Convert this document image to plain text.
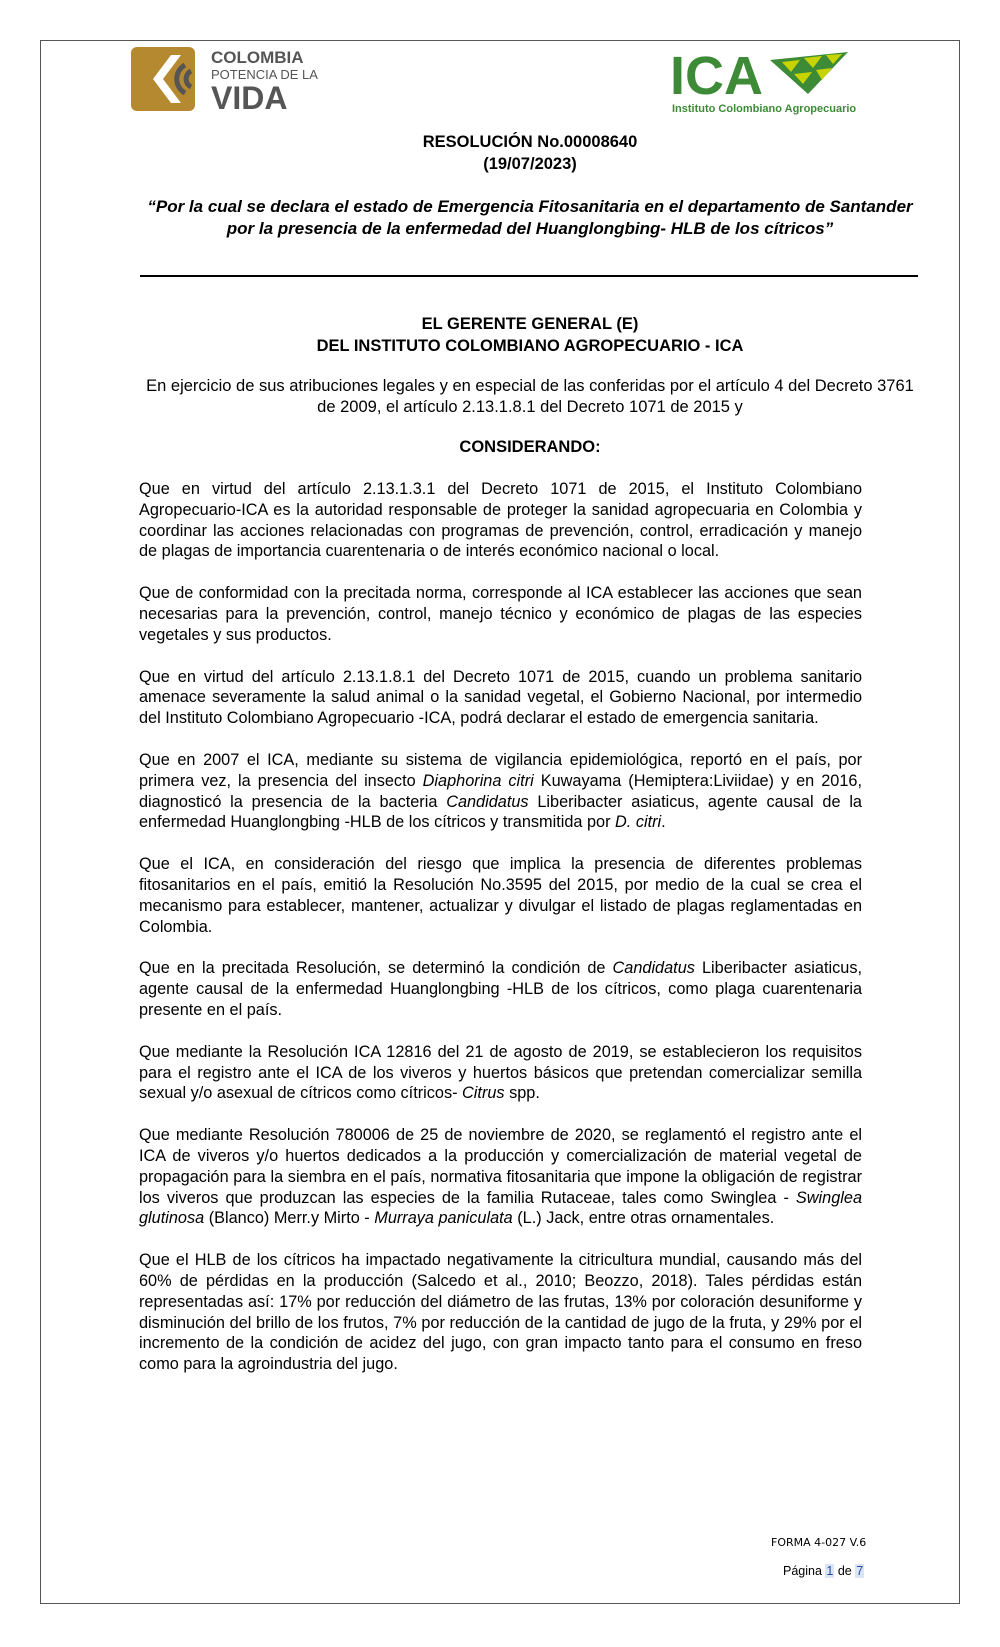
COLOMBIA
POTENCIA DE LA
VIDA	ICA
Instituto Colombiano Agropecuario
RESOLUCIÓN No.00008640
(19/07/2023)
“Por la cual se declara el estado de Emergencia Fitosanitaria en el departamento de Santander por la presencia de la enfermedad del Huanglongbing- HLB de los cítricos”
EL GERENTE GENERAL (E)
DEL INSTITUTO COLOMBIANO AGROPECUARIO - ICA
En ejercicio de sus atribuciones legales y en especial de las conferidas por el artículo 4 del Decreto 3761 de 2009, el artículo 2.13.1.8.1 del Decreto 1071 de 2015 y
CONSIDERANDO:

Que en virtud del artículo 2.13.1.3.1 del Decreto 1071 de 2015, el Instituto Colombiano Agropecuario-ICA es la autoridad responsable de proteger la sanidad agropecuaria en Colombia y coordinar las acciones relacionadas con programas de prevención, control, erradicación y manejo de plagas de importancia cuarentenaria o de interés económico nacional o local.

Que de conformidad con la precitada norma, corresponde al ICA establecer las acciones que sean necesarias para la prevención, control, manejo técnico y económico de plagas de las especies vegetales y sus productos.

Que en virtud del artículo 2.13.1.8.1 del Decreto 1071 de 2015, cuando un problema sanitario amenace severamente la salud animal o la sanidad vegetal, el Gobierno Nacional, por intermedio del Instituto Colombiano Agropecuario -ICA, podrá declarar el estado de emergencia sanitaria.

Que en 2007 el ICA, mediante su sistema de vigilancia epidemiológica, reportó en el país, por primera vez, la presencia del insecto Diaphorina citri Kuwayama (Hemiptera:Liviidae) y en 2016, diagnosticó la presencia de la bacteria Candidatus Liberibacter asiaticus, agente causal de la enfermedad Huanglongbing -HLB de los cítricos y transmitida por D. citri.

Que el ICA, en consideración del riesgo que implica la presencia de diferentes problemas fitosanitarios en el país, emitió la Resolución No.3595 del 2015, por medio de la cual se crea el mecanismo para establecer, mantener, actualizar y divulgar el listado de plagas reglamentadas en Colombia.

Que en la precitada Resolución, se determinó la condición de Candidatus Liberibacter asiaticus, agente causal de la enfermedad Huanglongbing -HLB de los cítricos, como plaga cuarentenaria presente en el país.

Que mediante la Resolución ICA 12816 del 21 de agosto de 2019, se establecieron los requisitos para el registro ante el ICA de los viveros y huertos básicos que pretendan comercializar semilla sexual y/o asexual de cítricos como cítricos- Citrus spp.

Que mediante Resolución 780006 de 25 de noviembre de 2020, se reglamentó el registro ante el ICA de viveros y/o huertos dedicados a la producción y comercialización de material vegetal de propagación para la siembra en el país, normativa fitosanitaria que impone la obligación de registrar los viveros que produzcan las especies de la familia Rutaceae, tales como Swinglea - Swinglea glutinosa (Blanco) Merr.y Mirto - Murraya paniculata (L.) Jack, entre otras ornamentales.

Que el HLB de los cítricos ha impactado negativamente la citricultura mundial, causando más del 60% de pérdidas en la producción (Salcedo et al., 2010; Beozzo, 2018). Tales pérdidas están representadas así: 17% por reducción del diámetro de las frutas, 13% por coloración desuniforme y disminución del brillo de los frutos, 7% por reducción de la cantidad de jugo de la fruta, y 29% por el incremento de la condición de acidez del jugo, con gran impacto tanto para el consumo en freso como para la agroindustria del jugo.

FORMA 4-027 V.6
Página 1 de 7
